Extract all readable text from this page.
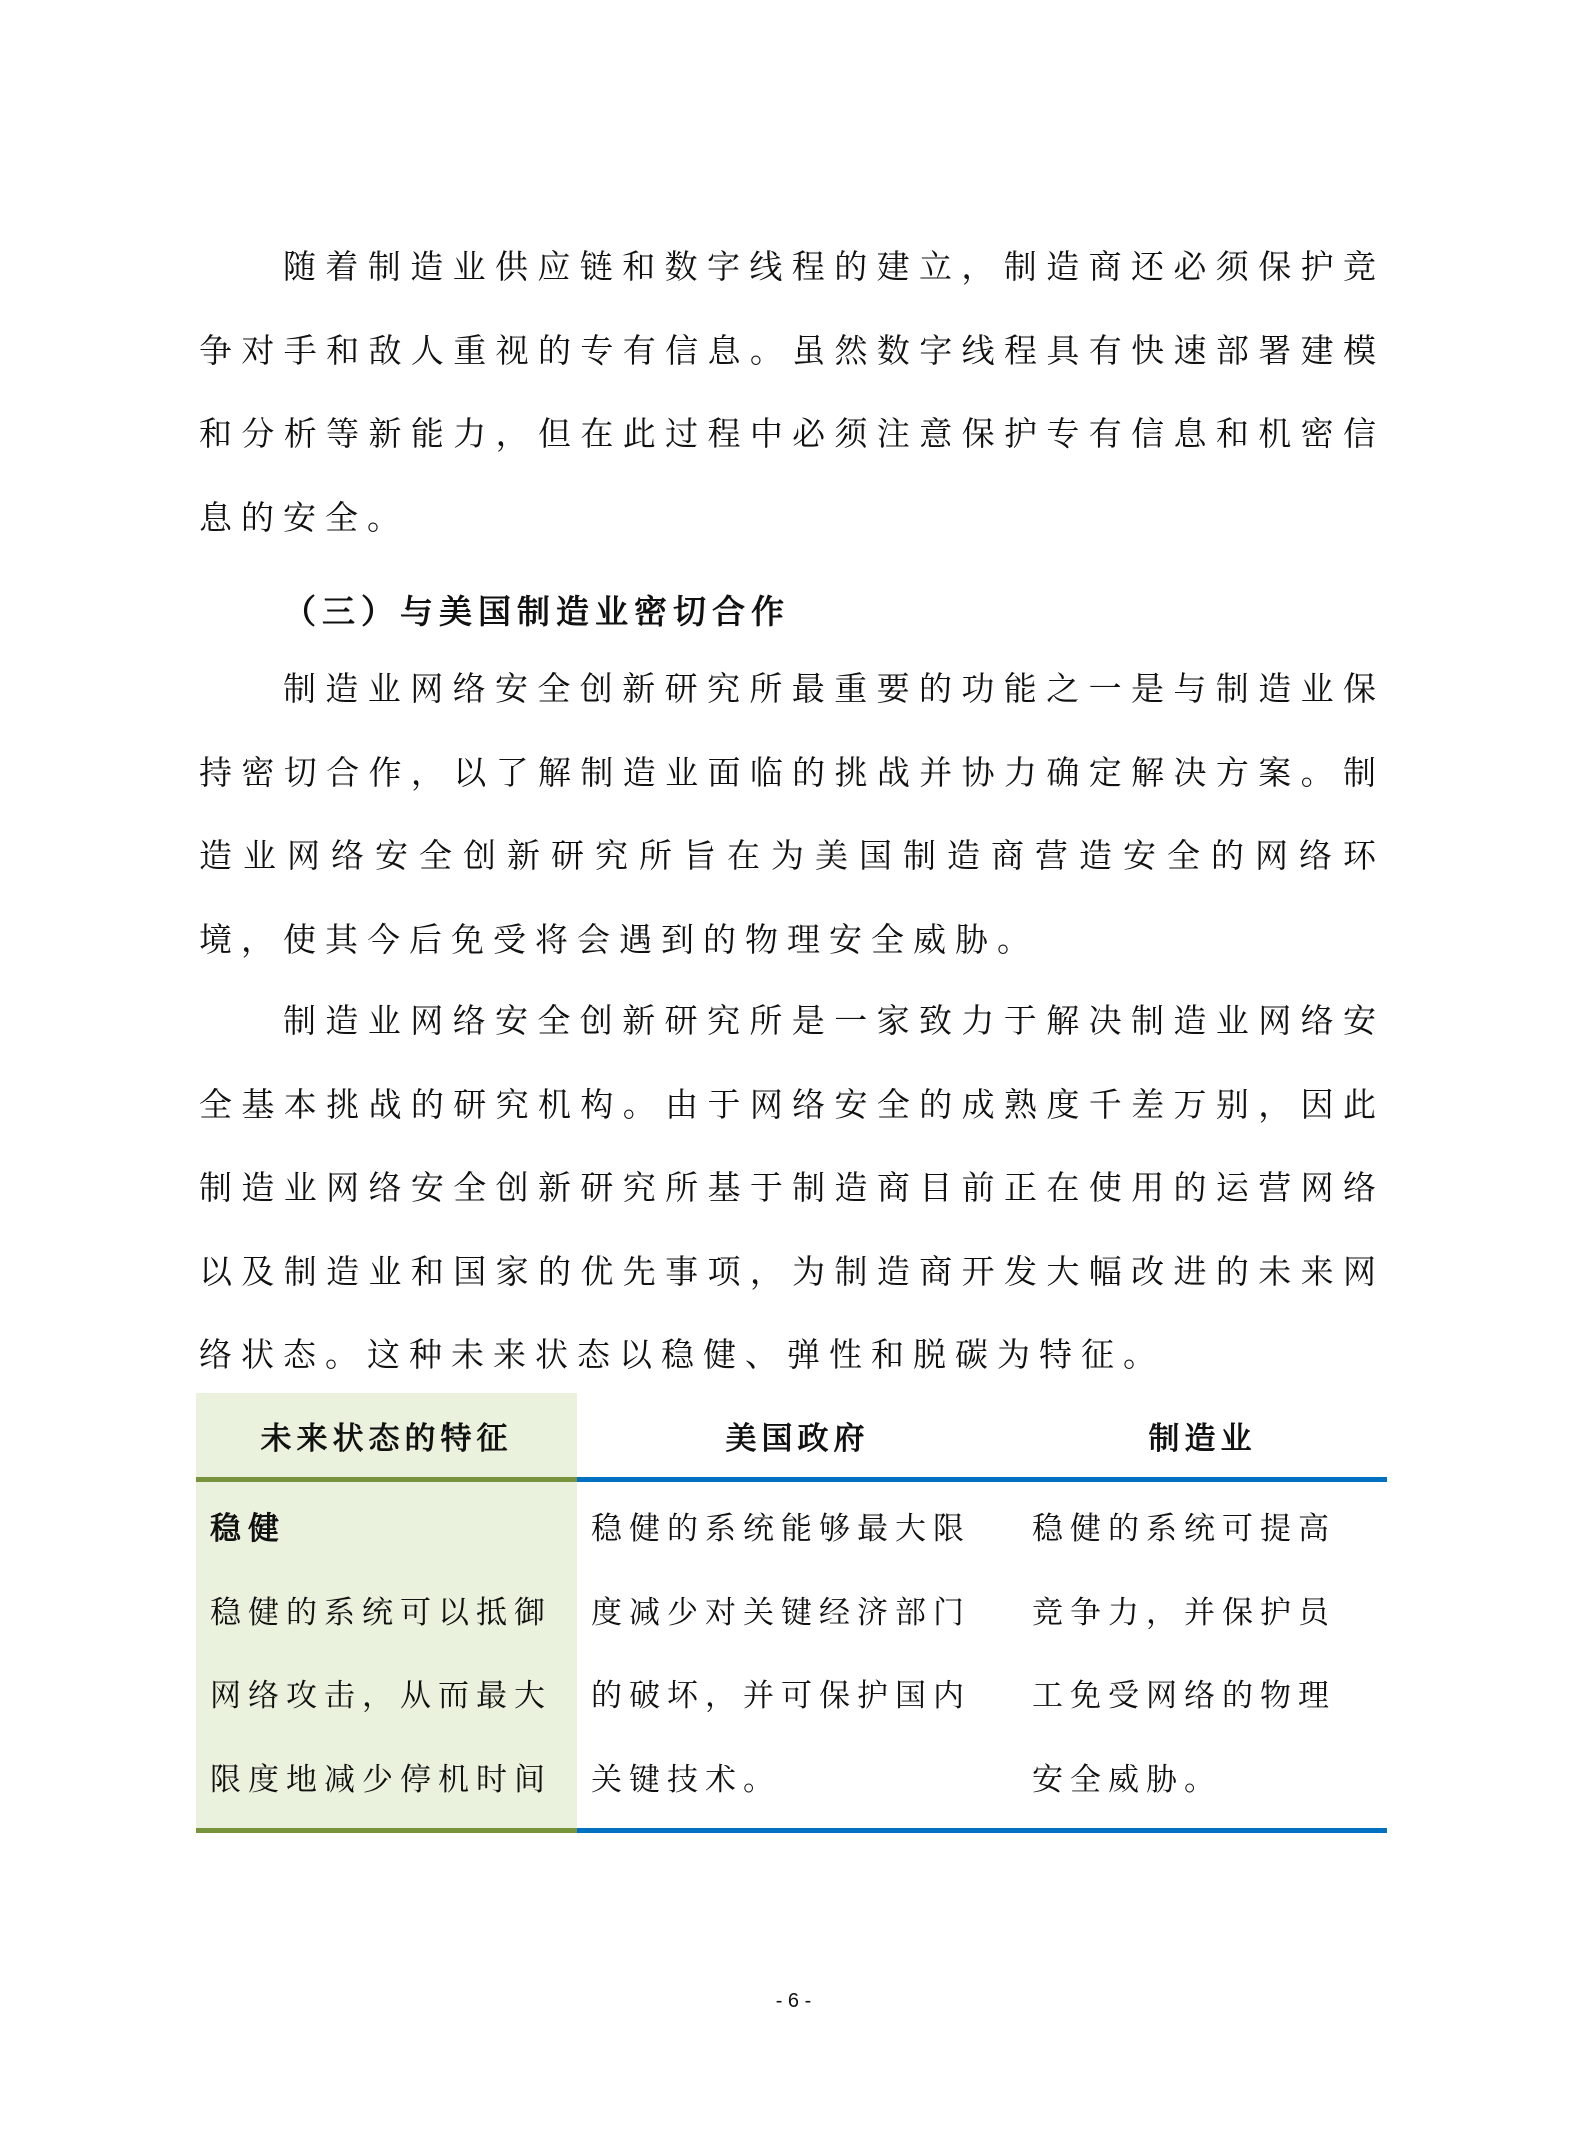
随着制造业供应链和数字线程的建立，制造商还必须保护竞争对手和敌人重视的专有信息。虽然数字线程具有快速部署建模和分析等新能力，但在此过程中必须注意保护专有信息和机密信息的安全。

（三）与美国制造业密切合作

制造业网络安全创新研究所最重要的功能之一是与制造业保持密切合作，以了解制造业面临的挑战并协力确定解决方案。制造业网络安全创新研究所旨在为美国制造商营造安全的网络环境，使其今后免受将会遇到的物理安全威胁。

制造业网络安全创新研究所是一家致力于解决制造业网络安全基本挑战的研究机构。由于网络安全的成熟度千差万别，因此制造业网络安全创新研究所基于制造商目前正在使用的运营网络以及制造业和国家的优先事项，为制造商开发大幅改进的未来网络状态。这种未来状态以稳健、弹性和脱碳为特征。

未来状态的特征	美国政府	制造业

稳健
稳健的系统可以抵御网络攻击，从而最大限度地减少停机时间	稳健的系统能够最大限度减少对关键经济部门的破坏，并可保护国内关键技术。	稳健的系统可提高竞争力，并保护员工免受网络的物理安全威胁。
- 6 -
